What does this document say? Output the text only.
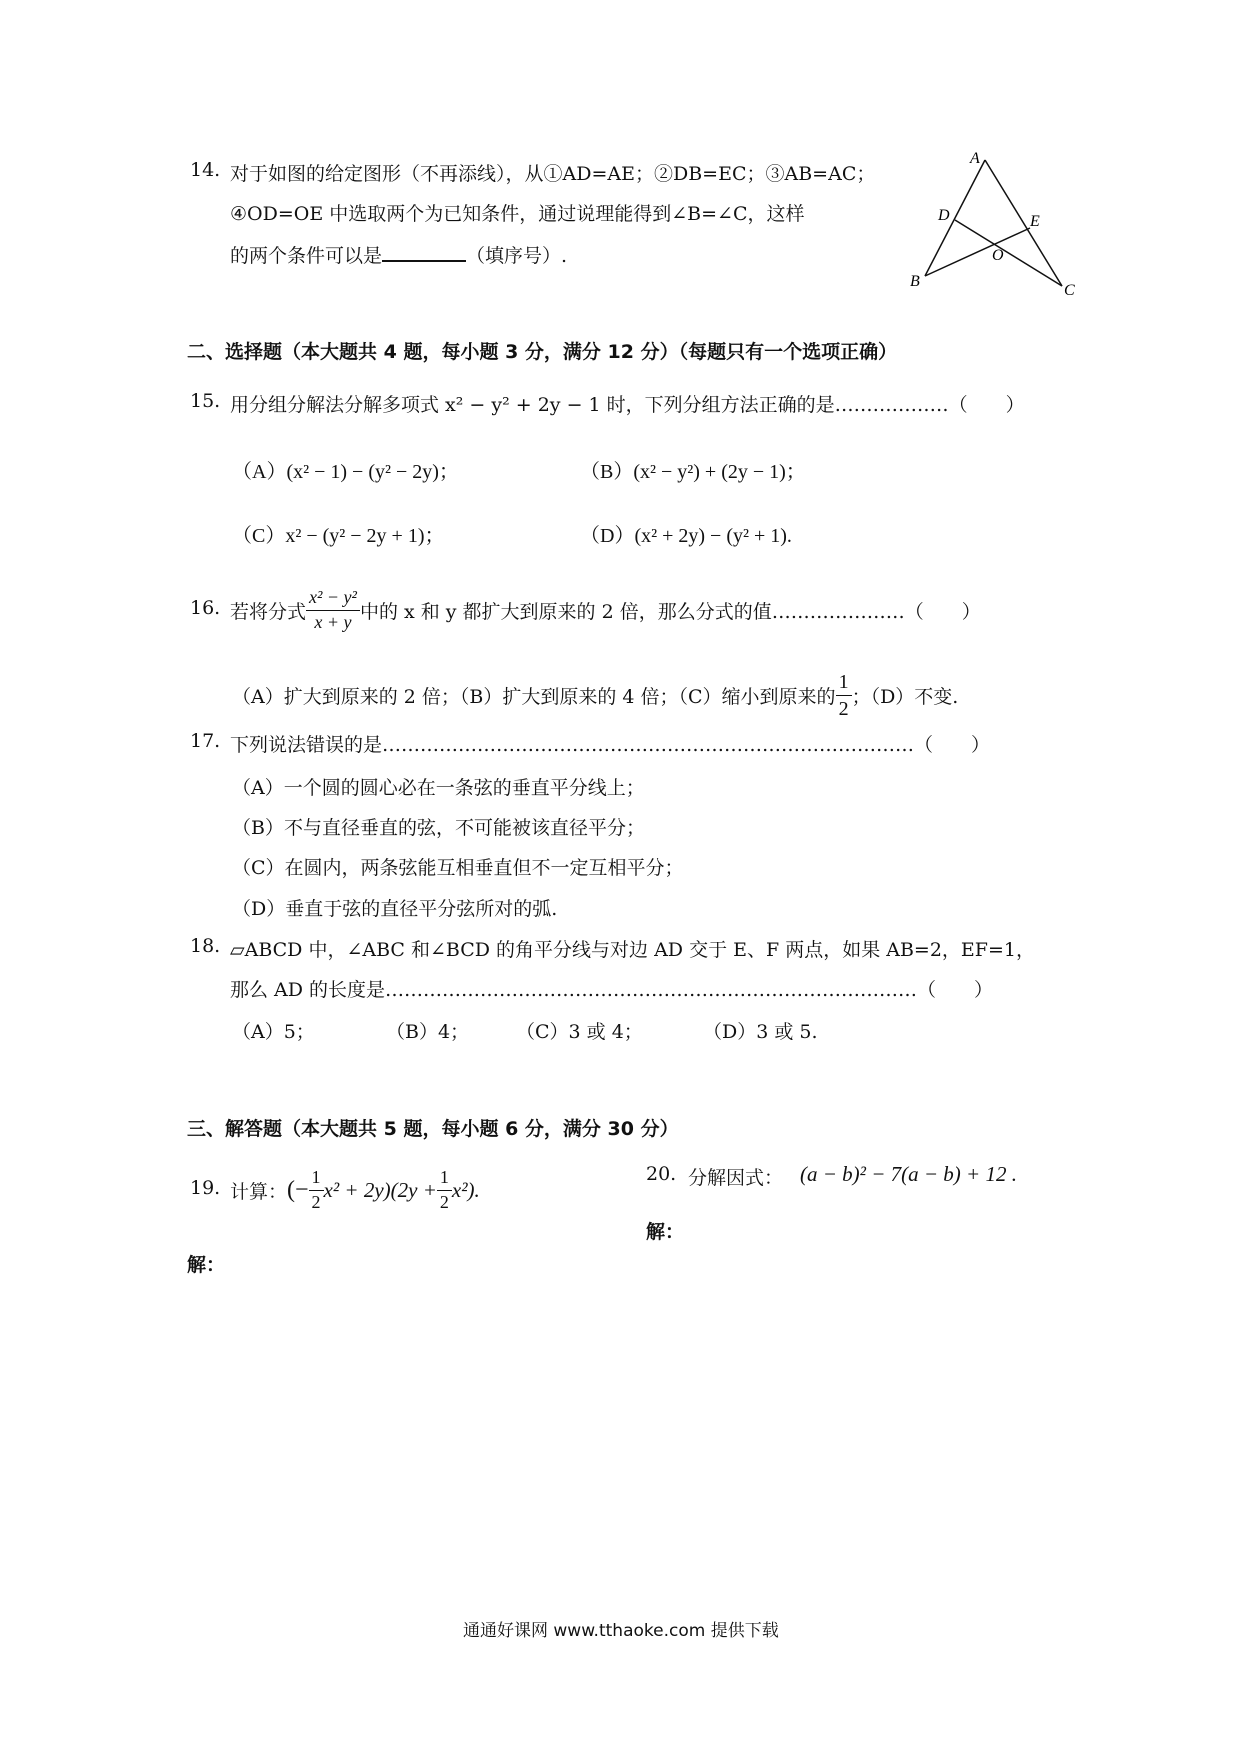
14. 对于如图的给定图形（不再添线），从①AD=AE；②DB=EC；③AB=AC；
④OD=OE 中选取两个为已知条件，通过说理能得到∠B=∠C，这样
的两个条件可以是	（填序号）.
A
D	E
O
B
C
二、选择题（本大题共 4 题，每小题 3 分，满分 12 分）（每题只有一个选项正确）
15. 用分组分解法分解多项式 x² − y² + 2y − 1 时，下列分组方法正确的是………………（　　）
（A）(x² − 1) − (y² − 2y)；	（B）(x² − y²) + (2y − 1)；
（C）x² − (y² − 2y + 1)；	（D）(x² + 2y) − (y² + 1).
16. 若将分式 $\frac{\text{x² − y²}}{x + y}$ 中的 x 和 y 都扩大到原来的 2 倍，那么分式的值…………………（　　）
（A）扩大到原来的 2 倍；（B）扩大到原来的 4 倍；（C）缩小到原来的 $\frac{1}{2}$ ；（D）不变.
17. 下列说法错误的是…………………………………………………………………………（　　）
（A）一个圆的圆心必在一条弦的垂直平分线上；
（B）不与直径垂直的弦，不可能被该直径平分；
（C）在圆内，两条弦能互相垂直但不一定互相平分；
（D）垂直于弦的直径平分弦所对的弧.
18. ▱ABCD 中，∠ABC 和∠BCD 的角平分线与对边 AD 交于 E、F 两点，如果 AB=2，EF=1，
那么 AD 的长度是…………………………………………………………………………（　　）
（A）5；	（B）4； （C）3 或 4；	（D）3 或 5.
三、解答题（本大题共 5 题，每小题 6 分，满分 30 分）
19. 计算： (− $\frac{1}{2} x^2 + 2y)(2y + \frac{1}{2} x^2)$.
解：
20. 分解因式： (a − b)² − 7(a − b) + 12 .
解：
通通好课网 www.tthaoke.com 提供下载
